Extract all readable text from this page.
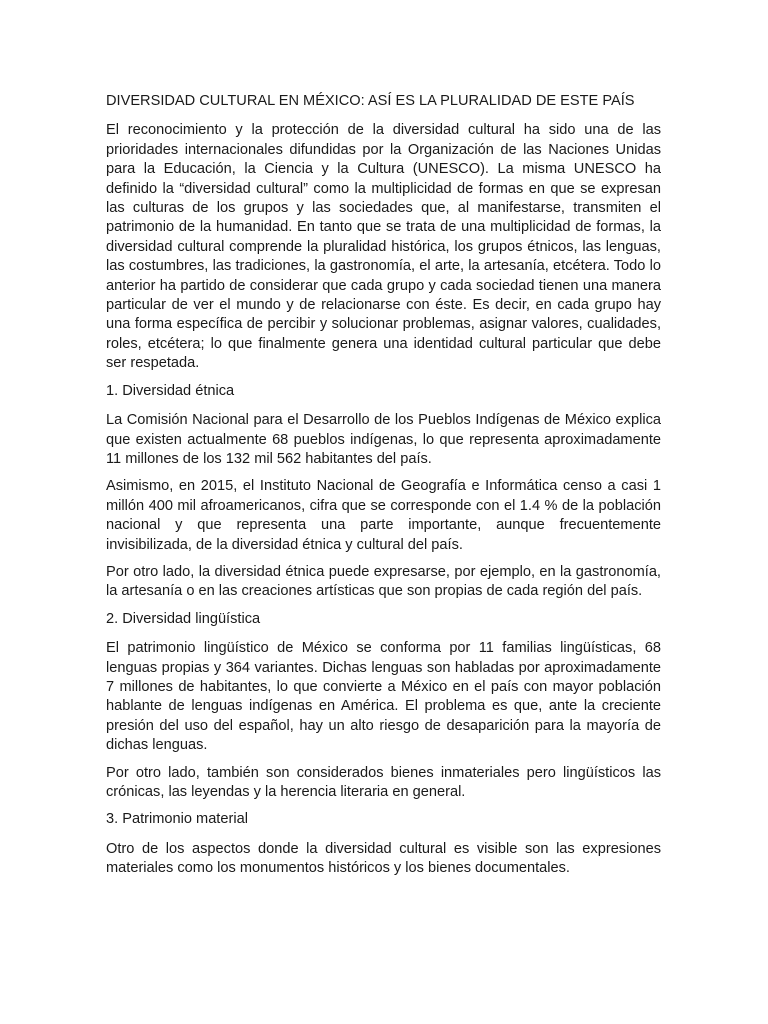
DIVERSIDAD CULTURAL EN MÉXICO: ASÍ ES LA PLURALIDAD DE ESTE PAÍS

El reconocimiento y la protección de la diversidad cultural ha sido una de las prioridades internacionales difundidas por la Organización de las Naciones Unidas para la Educación, la Ciencia y la Cultura (UNESCO). La misma UNESCO ha definido la “diversidad cultural” como la multiplicidad de formas en que se expresan las culturas de los grupos y las sociedades que, al manifestarse, transmiten el patrimonio de la humanidad. En tanto que se trata de una multiplicidad de formas, la diversidad cultural comprende la pluralidad histórica, los grupos étnicos, las lenguas, las costumbres, las tradiciones, la gastronomía, el arte, la artesanía, etcétera. Todo lo anterior ha partido de considerar que cada grupo y cada sociedad tienen una manera particular de ver el mundo y de relacionarse con éste. Es decir, en cada grupo hay una forma específica de percibir y solucionar problemas, asignar valores, cualidades, roles, etcétera; lo que finalmente genera una identidad cultural particular que debe ser respetada.

1. Diversidad étnica

La Comisión Nacional para el Desarrollo de los Pueblos Indígenas de México explica que existen actualmente 68 pueblos indígenas, lo que representa aproximadamente 11 millones de los 132 mil 562 habitantes del país.

Asimismo, en 2015, el Instituto Nacional de Geografía e Informática censo a casi 1 millón 400 mil afroamericanos, cifra que se corresponde con el 1.4 % de la población nacional y que representa una parte importante, aunque frecuentemente invisibilizada, de la diversidad étnica y cultural del país.

Por otro lado, la diversidad étnica puede expresarse, por ejemplo, en la gastronomía, la artesanía o en las creaciones artísticas que son propias de cada región del país.

2. Diversidad lingüística

El patrimonio lingüístico de México se conforma por 11 familias lingüísticas, 68 lenguas propias y 364 variantes. Dichas lenguas son habladas por aproximadamente 7 millones de habitantes, lo que convierte a México en el país con mayor población hablante de lenguas indígenas en América. El problema es que, ante la creciente presión del uso del español, hay un alto riesgo de desaparición para la mayoría de dichas lenguas.

Por otro lado, también son considerados bienes inmateriales pero lingüísticos las crónicas, las leyendas y la herencia literaria en general.

3. Patrimonio material

Otro de los aspectos donde la diversidad cultural es visible son las expresiones materiales como los monumentos históricos y los bienes documentales.
